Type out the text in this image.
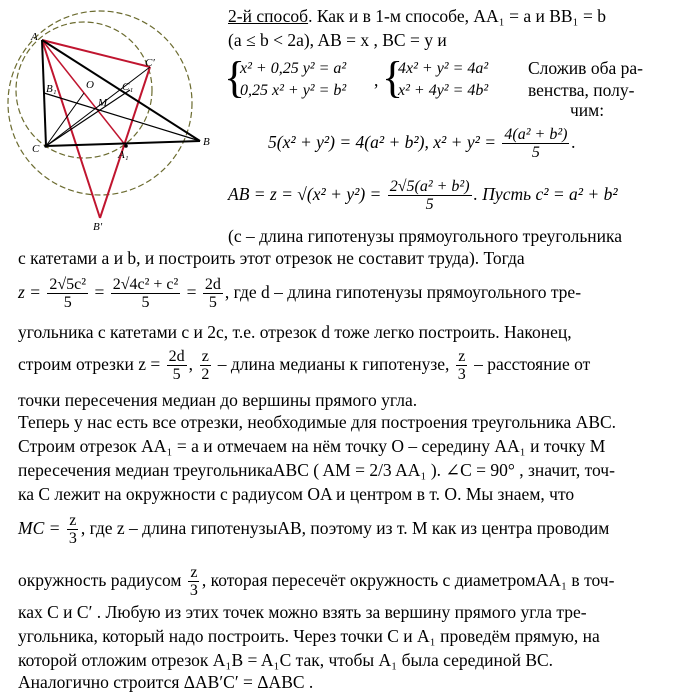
A
B
C
C′
B′
B₁	C₁
A₁
O
M
2-й способ. Как и в 1-м способе, AA₁ = a и BB₁ = b
(a ≤ b < 2a), AB = x , BC = y и
{
x² + 0,25 y² = a²
0,25 x² + y² = b²
, {
4x² + y² = 4a²
x² + 4y² = 4b²
Сложив оба ра-
венства, полу-
чим:
5(x² + y²) = 4(a² + b²), $x^2 + y^2 = \frac{\text{4(a² + b²)}}{5}$ .
AB = $z = √(x^2 + y^2) = \frac{\text{2√5(a² + b²)}}{5}$ . Пусть c² = a² + b²
(c – длина гипотенузы прямоугольного треугольника
с катетами a и b, и построить этот отрезок не составит труда). Тогда
$z = \frac{\text{2√5c²}}{5} = \frac{\text{2√4c² + c²}}{5} = \frac{2d}{5}$ , где d – длина гипотенузы прямоугольного тре-
угольника с катетами c и 2c, т.е. отрезок d тоже легко построить. Наконец,
строим отрезки $z = \frac{2d}{5}$ , $\frac{z}{2}$ – длина медианы к гипотенузе, $\frac{z}{3}$ – расстояние от
точки пересечения медиан до вершины прямого угла.
Теперь у нас есть все отрезки, необходимые для построения треугольника ABC.
Строим отрезок AA₁ = a и отмечаем на нём точку O – середину AA₁ и точку M
пересечения медиан треугольникаABC ( AM = 2/3 AA₁ ). ∠C = 90° , значит, точ-
ка C лежит на окружности с радиусом OA и центром в т. O. Мы знаем, что
MC = $\frac{z}{3}$ , где z – длина гипотенузыAB, поэтому из т. M как из центра проводим
окружность радиусом $\frac{z}{3}$ , которая пересечёт окружность с диаметромAA₁ в точ-
ках C и C′ . Любую из этих точек можно взять за вершину прямого угла тре-
угольника, который надо построить. Через точки C и A₁ проведём прямую, на
которой отложим отрезок A₁B = A₁C так, чтобы A₁ была серединой BC.
Аналогично строится ΔAB′C′ = ΔABC .
